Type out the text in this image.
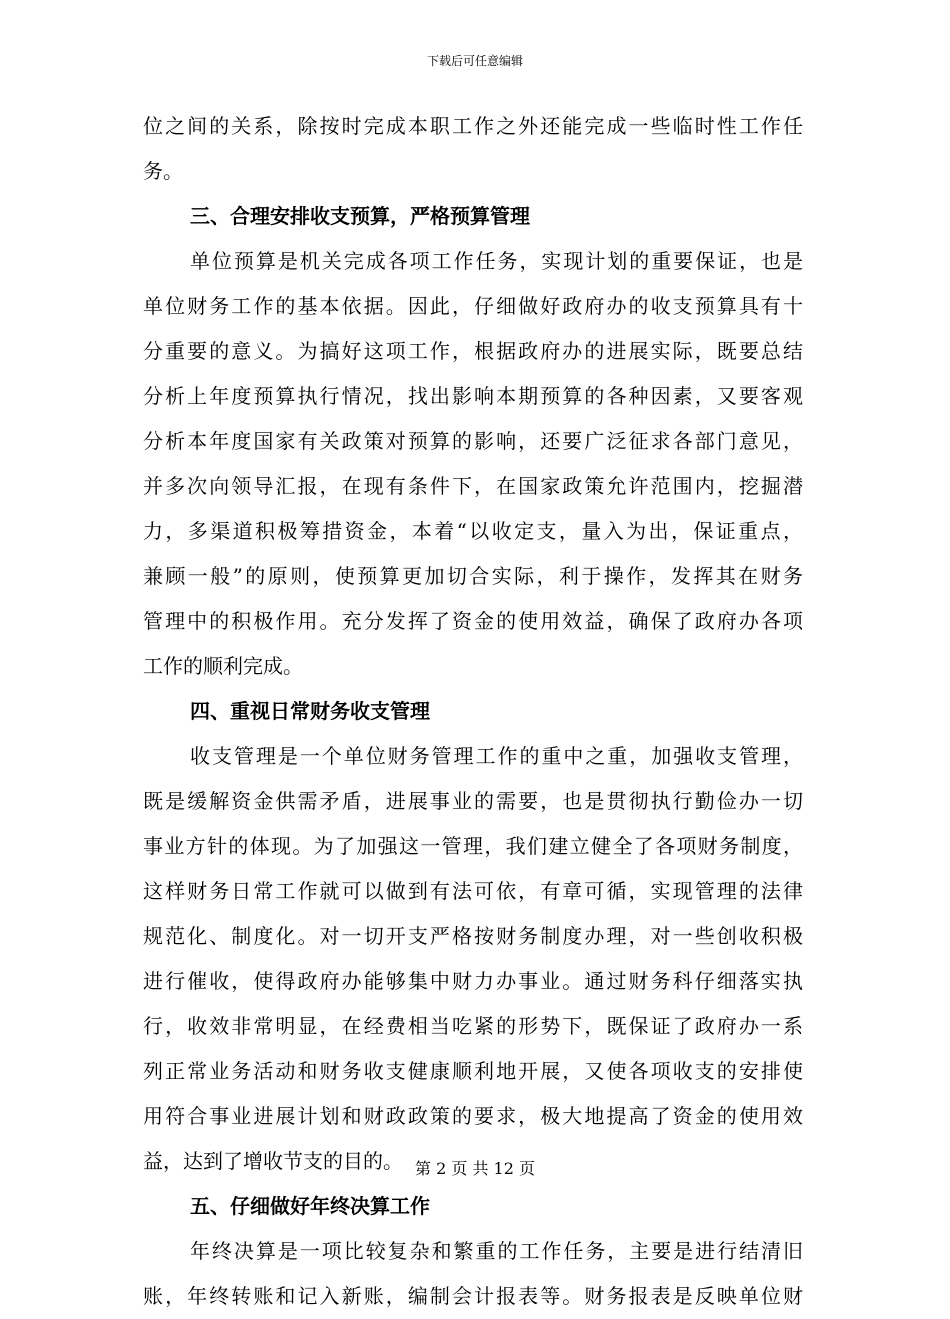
下载后可任意编辑
位之间的关系，除按时完成本职工作之外还能完成一些临时性工作任
务。
三、合理安排收支预算，严格预算管理
单位预算是机关完成各项工作任务，实现计划的重要保证，也是
单位财务工作的基本依据。因此，仔细做好政府办的收支预算具有十
分重要的意义。为搞好这项工作，根据政府办的进展实际，既要总结
分析上年度预算执行情况，找出影响本期预算的各种因素，又要客观
分析本年度国家有关政策对预算的影响，还要广泛征求各部门意见，
并多次向领导汇报，在现有条件下，在国家政策允许范围内，挖掘潜
力，多渠道积极筹措资金，本着“以收定支，量入为出，保证重点，
兼顾一般”的原则，使预算更加切合实际，利于操作，发挥其在财务
管理中的积极作用。充分发挥了资金的使用效益，确保了政府办各项
工作的顺利完成。
四、重视日常财务收支管理
收支管理是一个单位财务管理工作的重中之重，加强收支管理，
既是缓解资金供需矛盾，进展事业的需要，也是贯彻执行勤俭办一切
事业方针的体现。为了加强这一管理，我们建立健全了各项财务制度，
这样财务日常工作就可以做到有法可依，有章可循，实现管理的法律
规范化、制度化。对一切开支严格按财务制度办理，对一些创收积极
进行催收，使得政府办能够集中财力办事业。通过财务科仔细落实执
行，收效非常明显，在经费相当吃紧的形势下，既保证了政府办一系
列正常业务活动和财务收支健康顺利地开展，又使各项收支的安排使
用符合事业进展计划和财政政策的要求，极大地提高了资金的使用效
益，达到了增收节支的目的。
五、仔细做好年终决算工作
年终决算是一项比较复杂和繁重的工作任务，主要是进行结清旧
账，年终转账和记入新账，编制会计报表等。财务报表是反映单位财
第 2 页 共 12 页
